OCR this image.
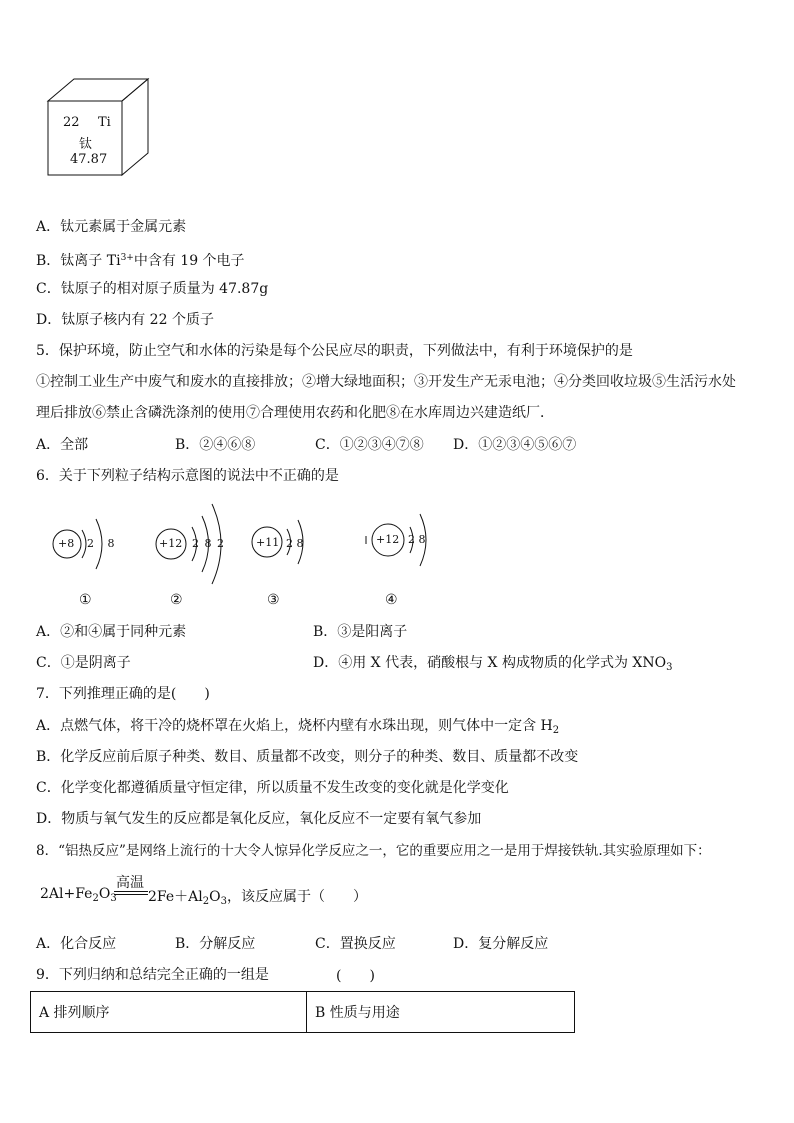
22 Ti
钛
47.87
A．钛元素属于金属元素
B．钛离子 $Ti^{3+}$中含有 19 个电子
C．钛原子的相对原子质量为 47.87g
D．钛原子核内有 22 个质子
5．保护环境，防止空气和水体的污染是每个公民应尽的职责，下列做法中，有利于环境保护的是
①控制工业生产中废气和废水的直接排放；②增大绿地面积；③开发生产无汞电池；④分类回收垃圾⑤生活污水处
理后排放⑥禁止含磷洗涤剂的使用⑦合理使用农药和化肥⑧在水库周边兴建造纸厂．
A．全部	B．②④⑥⑧	C．①②③④⑦⑧ D．①②③④⑤⑥⑦
6．关于下列粒子结构示意图的说法中不正确的是
+8 2 8	+12 2 8 2	+11 2 8	+12 2 8
①	②	③	④
A．②和④属于同种元素	B．③是阳离子
C．①是阴离子	D．④用 X 代表，硝酸根与 X 构成物质的化学式为 $XNO_3$
7．下列推理正确的是(　　)
A．点燃气体，将干冷的烧杯罩在火焰上，烧杯内壁有水珠出现，则气体中一定含 $H_2$
B．化学反应前后原子种类、数目、质量都不改变，则分子的种类、数目、质量都不改变
C．化学变化都遵循质量守恒定律，所以质量不发生改变的变化就是化学变化
D．物质与氧气发生的反应都是氧化反应，氧化反应不一定要有氧气参加
8．“铝热反应”是网络上流行的十大令人惊异化学反应之一，它的重要应用之一是用于焊接铁轨.其实验原理如下：
高温
$2Al+Fe_2O_3$ $2Fe+Al_2O_3$，该反应属于（　　）
A．化合反应	B．分解反应	C．置换反应	D．复分解反应
9．下列归纳和总结完全正确的一组是	(　　)
A 排列顺序	B 性质与用途
